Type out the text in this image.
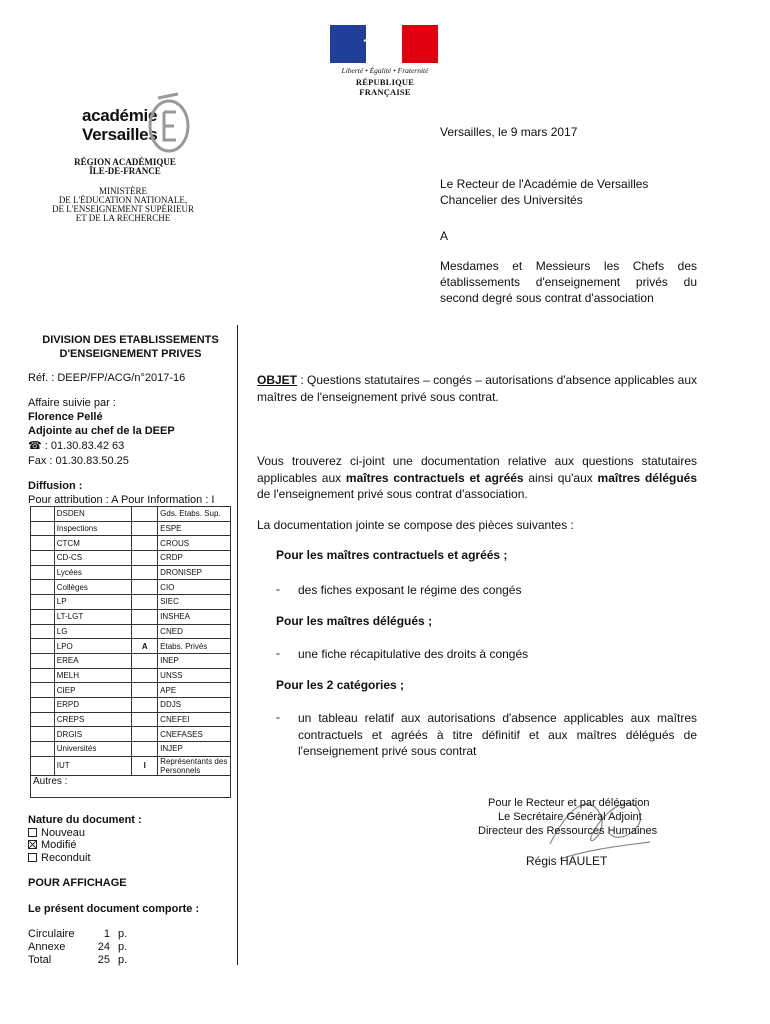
Liberté • Égalité • Fraternité
RÉPUBLIQUE FRANÇAISE
académie
Versailles
RÉGION ACADÉMIQUE
ÎLE-DE-FRANCE
MINISTÈRE
DE L'ÉDUCATION NATIONALE,
DE L'ENSEIGNEMENT SUPÉRIEUR
ET DE LA RECHERCHE
Versailles, le 9 mars 2017
Le Recteur de l'Académie de Versailles
Chancelier des Universités
A
Mesdames et Messieurs les Chefs des établissements d'enseignement privés du second degré sous contrat d'association
DIVISION DES ETABLISSEMENTS D'ENSEIGNEMENT PRIVES
Réf. : DEEP/FP/ACG/n°2017-16
Affaire suivie par :
Florence Pellé
Adjointe au chef de la DEEP
☎ : 01.30.83.42 63
Fax : 01.30.83.50.25
Diffusion :
Pour attribution : A Pour Information : I
	DSDEN		Gds. Etabs. Sup.
	Inspections		ESPE
	CTCM		CROUS
	CD-CS		CRDP
	Lycées		DRONISEP
	Collèges		CIO
	LP		SIEC
	LT-LGT		INSHEA
	LG		CNED
	LPO	A	Etabs. Privés
	EREA		INEP
	MELH		UNSS
	CIEP		APE
	ERPD		DDJS
	CREPS		CNEFEI
	DRGIS		CNEFASES
	Universités		INJEP
	IUT	I	Représentants des Personnels
Autres :			
Nature du document :
Nouveau
Modifié
Reconduit
POUR AFFICHAGE
Le présent document comporte :
Circulaire	1 p.
Annexe	24 p.
Total	25 p.
OBJET : Questions statutaires – congés – autorisations d'absence applicables aux maîtres de l'enseignement privé sous contrat.
Vous trouverez ci-joint une documentation relative aux questions statutaires applicables aux maîtres contractuels et agréés ainsi qu'aux maîtres délégués de l'enseignement privé sous contrat d'association.
La documentation jointe se compose des pièces suivantes :
Pour les maîtres contractuels et agréés ;
- des fiches exposant le régime des congés
Pour les maîtres délégués ;
- une fiche récapitulative des droits à congés
Pour les 2 catégories ;
- un tableau relatif aux autorisations d'absence applicables aux maîtres contractuels et agréés à titre définitif et aux maîtres délégués de l'enseignement privé sous contrat
Pour le Recteur et par délégation
Le Secrétaire Général Adjoint
Directeur des Ressources Humaines
Régis HAULET
